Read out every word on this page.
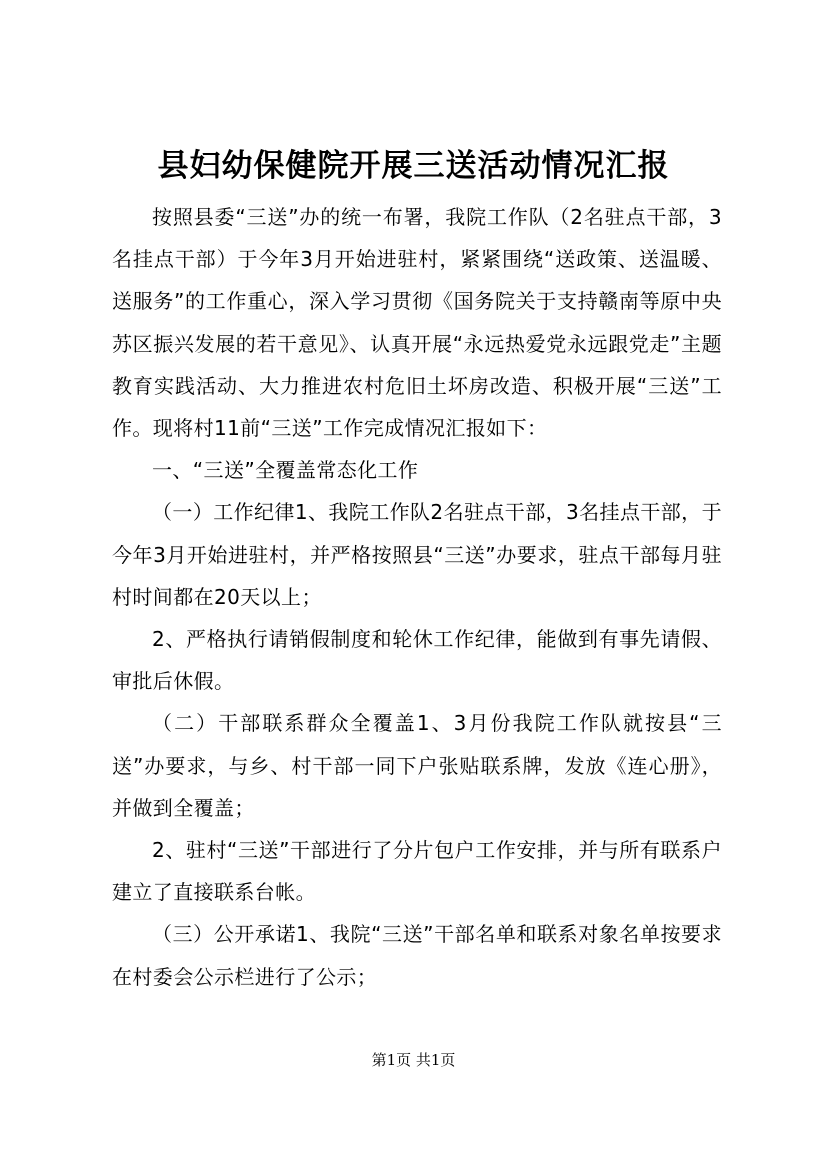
县妇幼保健院开展三送活动情况汇报

按照县委“三送”办的统一布署，我院工作队（2名驻点干部，3名挂点干部）于今年3月开始进驻村，紧紧围绕“送政策、送温暖、送服务”的工作重心，深入学习贯彻《国务院关于支持赣南等原中央苏区振兴发展的若干意见》、认真开展“永远热爱党永远跟党走”主题教育实践活动、大力推进农村危旧土坏房改造、积极开展“三送”工作。现将村11前“三送”工作完成情况汇报如下：

一、“三送”全覆盖常态化工作

（一）工作纪律1、我院工作队2名驻点干部，3名挂点干部，于今年3月开始进驻村，并严格按照县“三送”办要求，驻点干部每月驻村时间都在20天以上；

2、严格执行请销假制度和轮休工作纪律，能做到有事先请假、审批后休假。

（二）干部联系群众全覆盖1、3月份我院工作队就按县“三送”办要求，与乡、村干部一同下户张贴联系牌，发放《连心册》，并做到全覆盖；

2、驻村“三送”干部进行了分片包户工作安排，并与所有联系户建立了直接联系台帐。

（三）公开承诺1、我院“三送”干部名单和联系对象名单按要求在村委会公示栏进行了公示；

第1页 共1页
